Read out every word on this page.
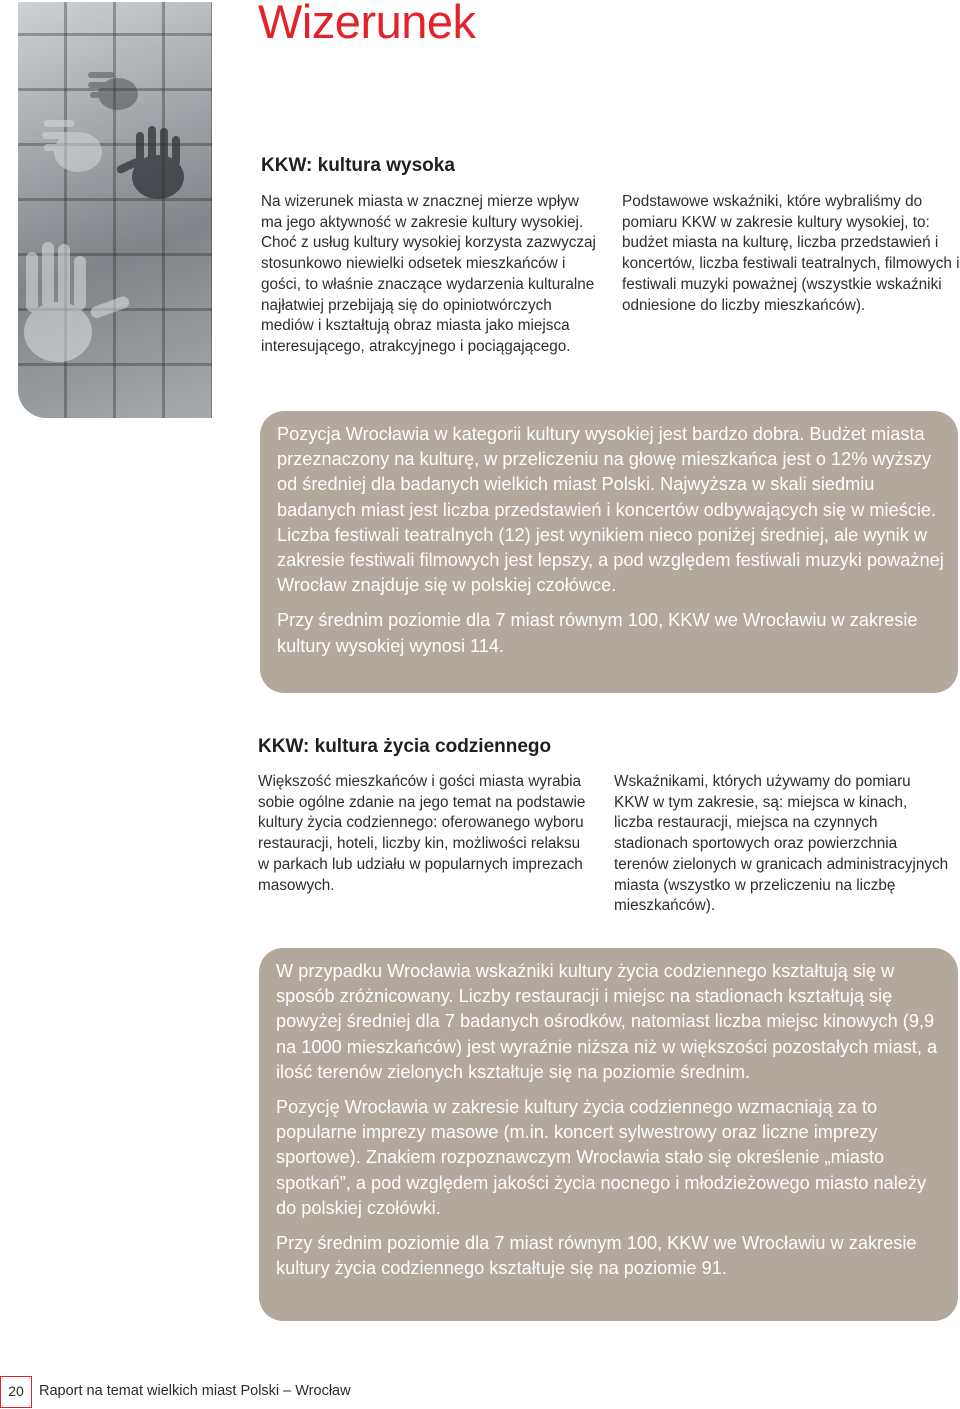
Wizerunek
KKW: kultura wysoka

Na wizerunek miasta w znacznej mierze wpływ ma jego aktywność w zakresie kultury wysokiej. Choć z usług kultury wysokiej korzysta zazwyczaj stosunkowo niewielki odsetek mieszkańców i gości, to właśnie znaczące wydarzenia kulturalne najłatwiej przebijają się do opiniotwórczych mediów i kształtują obraz miasta jako miejsca interesującego, atrakcyjnego i pociągającego.

Podstawowe wskaźniki, które wybraliśmy do pomiaru KKW w zakresie kultury wysokiej, to: budżet miasta na kulturę, liczba przedstawień i koncertów, liczba festiwali teatralnych, filmowych i festiwali muzyki poważnej (wszystkie wskaźniki odniesione do liczby mieszkańców).

Pozycja Wrocławia w kategorii kultury wysokiej jest bardzo dobra. Budżet miasta przeznaczony na kulturę, w przeliczeniu na głowę mieszkańca jest o 12% wyższy od średniej dla badanych wielkich miast Polski. Najwyższa w skali siedmiu badanych miast jest liczba przedstawień i koncertów odbywających się w mieście. Liczba festiwali teatralnych (12) jest wynikiem nieco poniżej średniej, ale wynik w zakresie festiwali filmowych jest lepszy, a pod względem festiwali muzyki poważnej Wrocław znajduje się w polskiej czołówce.

Przy średnim poziomie dla 7 miast równym 100, KKW we Wrocławiu w zakresie kultury wysokiej wynosi 114.

KKW: kultura życia codziennego

Większość mieszkańców i gości miasta wyrabia sobie ogólne zdanie na jego temat na podstawie kultury życia codziennego: oferowanego wyboru restauracji, hoteli, liczby kin, możliwości relaksu w parkach lub udziału w popularnych imprezach masowych.

Wskaźnikami, których używamy do pomiaru KKW w tym zakresie, są: miejsca w kinach, liczba restauracji, miejsca na czynnych stadionach sportowych oraz powierzchnia terenów zielonych w granicach administracyjnych miasta (wszystko w przeliczeniu na liczbę mieszkańców).

W przypadku Wrocławia wskaźniki kultury życia codziennego kształtują się w sposób zróżnicowany. Liczby restauracji i miejsc na stadionach kształtują się powyżej średniej dla 7 badanych ośrodków, natomiast liczba miejsc kinowych (9,9 na 1000 mieszkańców) jest wyraźnie niższa niż w większości pozostałych miast, a ilość terenów zielonych kształtuje się na poziomie średnim.

Pozycję Wrocławia w zakresie kultury życia codziennego wzmacniają za to popularne imprezy masowe (m.in. koncert sylwestrowy oraz liczne imprezy sportowe). Znakiem rozpoznawczym Wrocławia stało się określenie „miasto spotkań”, a pod względem jakości życia nocnego i młodzieżowego miasto należy do polskiej czołówki.

Przy średnim poziomie dla 7 miast równym 100, KKW we Wrocławiu w zakresie kultury życia codziennego kształtuje się na poziomie 91.

20	Raport na temat wielkich miast Polski – Wrocław
